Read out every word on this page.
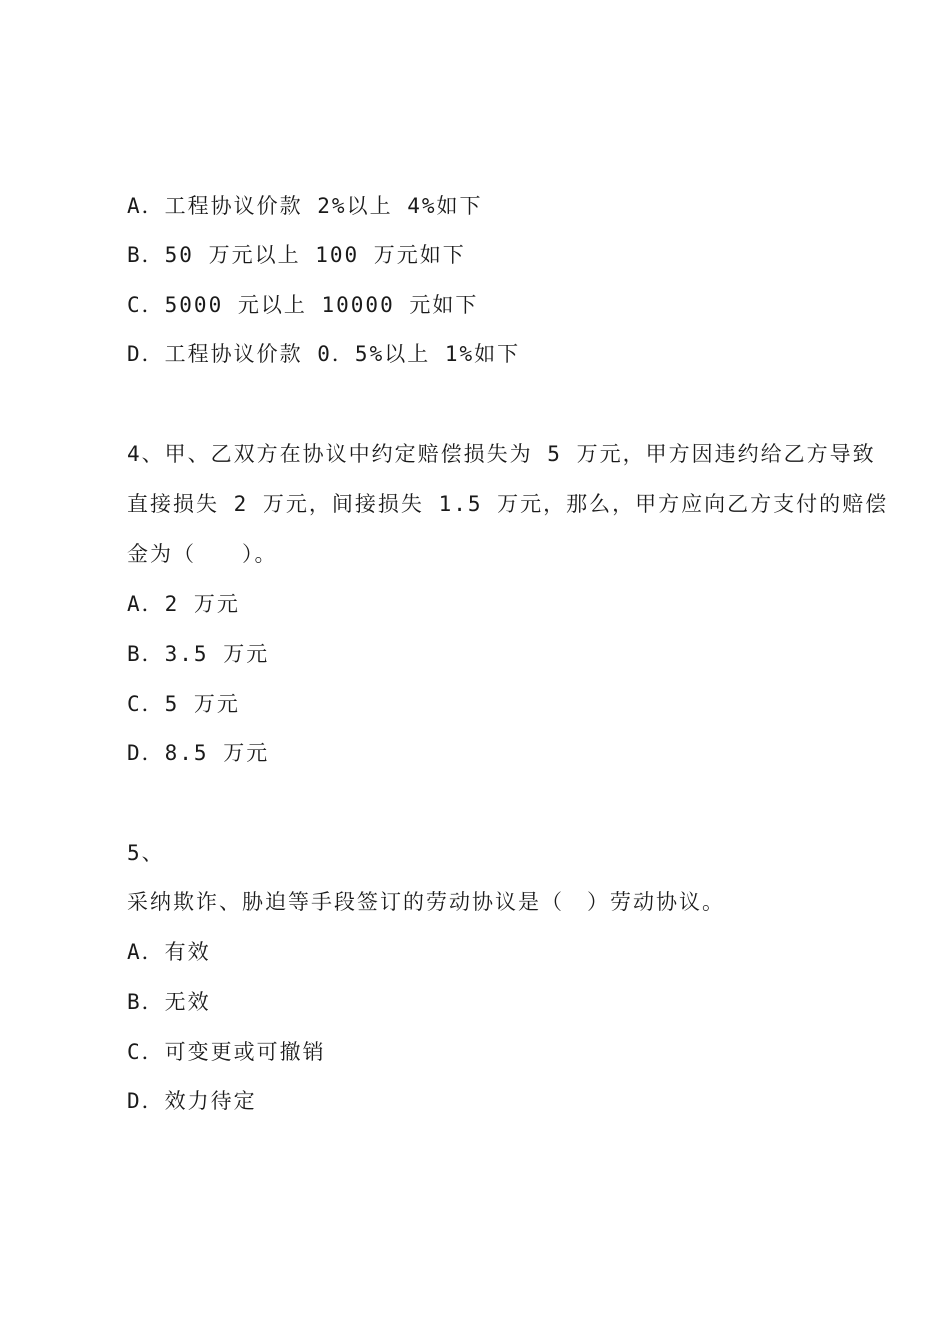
A．工程协议价款 2%以上 4%如下
B．50 万元以上 100 万元如下
C．5000 元以上 10000 元如下
D．工程协议价款 0．5%以上 1%如下
4、甲、乙双方在协议中约定赔偿损失为 5 万元，甲方因违约给乙方导致
直接损失 2 万元，间接损失 1.5 万元，那么，甲方应向乙方支付的赔偿
金为（　　）。
A．2 万元
B．3.5 万元
C．5 万元
D．8.5 万元
5、
采纳欺诈、胁迫等手段签订的劳动协议是（　）劳动协议。
A．有效
B．无效
C．可变更或可撤销
D．效力待定
